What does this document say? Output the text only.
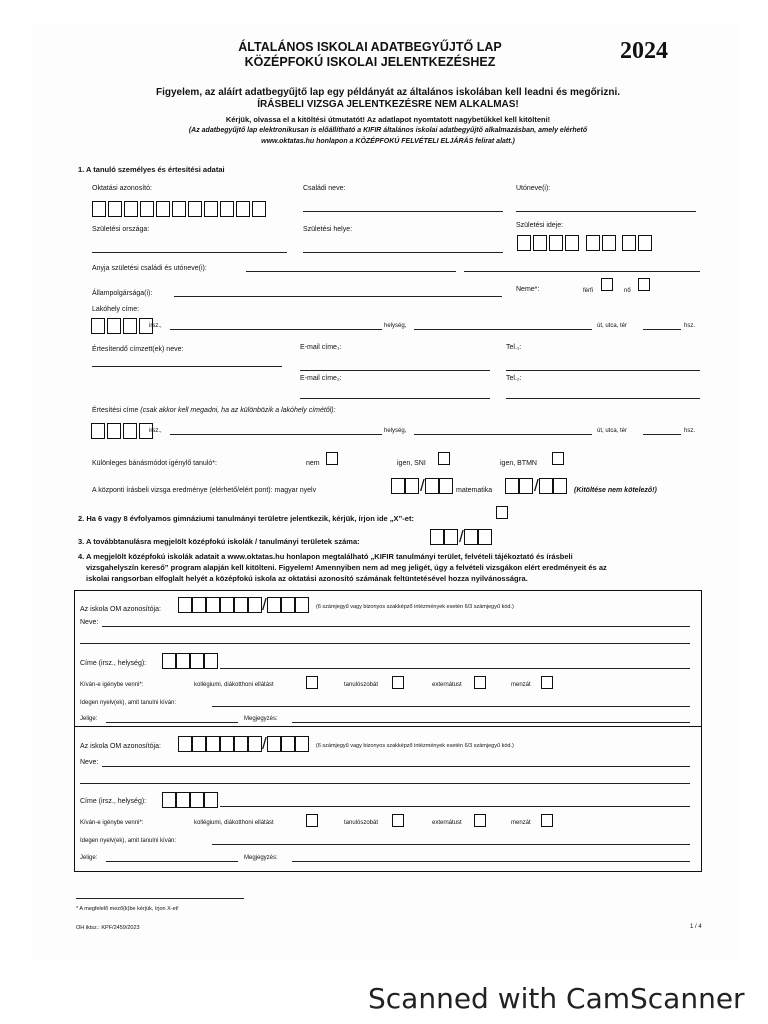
ÁLTALÁNOS ISKOLAI ADATBEGYŰJTŐ LAP
KÖZÉPFOKÚ ISKOLAI JELENTKEZÉSHEZ	2024
Figyelem, az aláírt adatbegyűjtő lap egy példányát az általános iskolában kell leadni és megőrizni.
ÍRÁSBELI VIZSGA JELENTKEZÉSRE NEM ALKALMAS!
Kérjük, olvassa el a kitöltési útmutatót! Az adatlapot nyomtatott nagybetűkkel kell kitölteni!
(Az adatbegyűjtő lap elektronikusan is előállítható a KIFIR általános iskolai adatbegyűjtő alkalmazásban, amely elérhető
www.oktatas.hu honlapon a KÖZÉPFOKÚ FELVÉTELI ELJÁRÁS felirat alatt.)
1. A tanuló személyes és értesítési adatai
Oktatási azonosító:	Családi neve:	Utóneve(i):
Születési országa:	Születési helye:
Születési ideje:
Anyja születési családi és utóneve(i):
Állampolgársága(i):
Neme*:	férfi	nő
Lakóhely címe:
irsz.,	helység,	út, utca, tér	hsz.
Értesítendő címzett(ek) neve:	E-mail címe₁:	Tel.₁:
E-mail címe₂:	Tel.₂:
Értesítési címe (csak akkor kell megadni, ha az különbözik a lakóhely címétől):
irsz.,	helység,	út, utca, tér	hsz.
Különleges bánásmódot igénylő tanuló*:	nem	igen, SNI	igen, BTMN
A központi írásbeli vizsga eredménye (elérhető/elért pont): magyar nyelv	/	matematika /	(Kitöltése nem kötelező!)
2. Ha 6 vagy 8 évfolyamos gimnáziumi tanulmányi területre jelentkezik, kérjük, írjon ide „X”-et:
3. A továbbtanulásra megjelölt középfokú iskolák / tanulmányi területek száma:	/
4. A megjelölt középfokú iskolák adatait a www.oktatas.hu honlapon megtalálható „KIFIR tanulmányi terület, felvételi tájékoztató és írásbeli
vizsgahelyszín kereső” program alapján kell kitölteni. Figyelem! Amennyiben nem ad meg jeligét, úgy a felvételi vizsgákon elért eredményeit és az
iskolai rangsorban elfoglalt helyét a középfokú iskola az oktatási azonosító számának feltüntetésével hozza nyilvánosságra.
Az iskola OM azonosítója:	/	(6 számjegyű vagy bizonyos szakképző intézmények esetén 6/3 számjegyű kód.)
Neve:
Címe (irsz., helység):
Kíván-e igénybe venni*:	kollégiumi, diákotthoni ellátást	tanulószobát	externátust	menzát
Idegen nyelv(ek), amit tanulni kíván:
Jelige:	Megjegyzés:
Az iskola OM azonosítója:	/	(6 számjegyű vagy bizonyos szakképző intézmények esetén 6/3 számjegyű kód.)
Neve:
Címe (irsz., helység):
Kíván-e igénybe venni*:	kollégiumi, diákotthoni ellátást	tanulószobát	externátust	menzát
Idegen nyelv(ek), amit tanulni kíván:
Jelige:	Megjegyzés:
* A megfelelő mező(k)be kérjük, írjon X-et!
OH iktsz.: KPF/2459/2023	1 / 4
Scanned with CamScanner
